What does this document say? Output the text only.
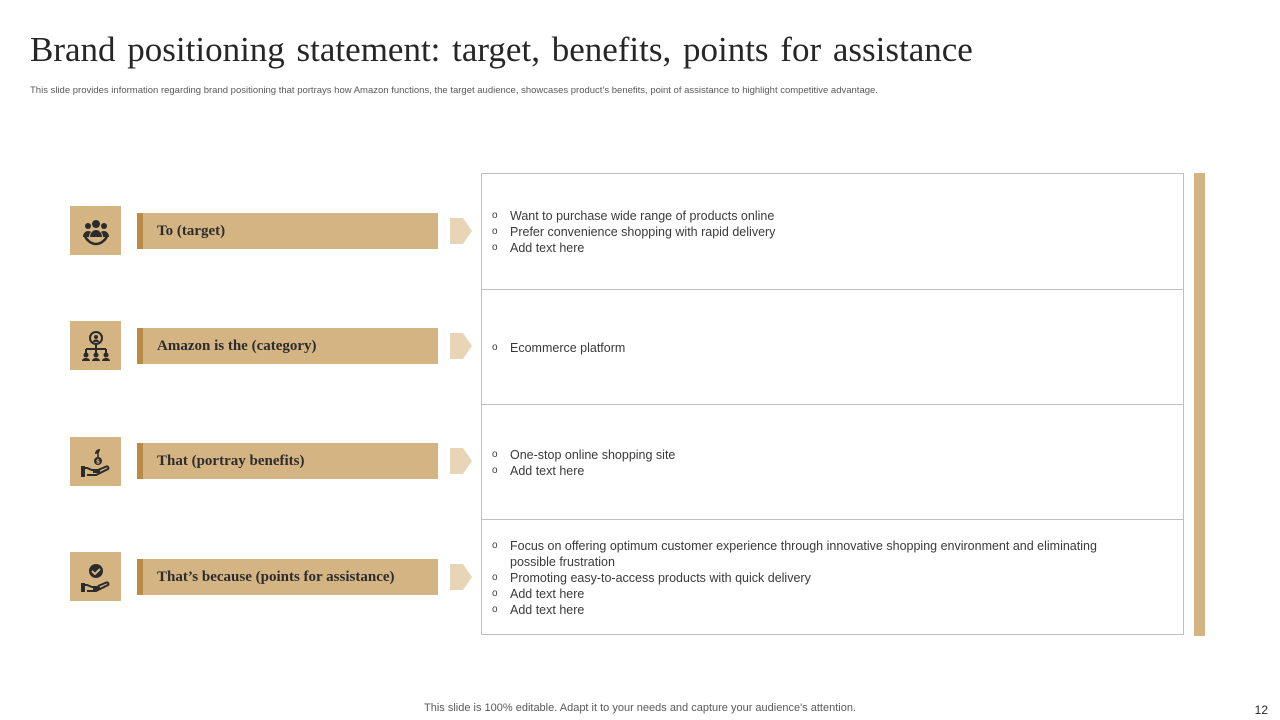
Brand positioning statement: target, benefits, points for assistance
This slide provides information regarding brand positioning that portrays how Amazon functions, the target audience, showcases product’s benefits, point of assistance to highlight competitive advantage.
To (target)
Amazon is the (category)
$	That (portray benefits)
That’s because (points for assistance)
o Want to purchase wide range of products online
o Prefer convenience shopping with rapid delivery
o Add text here
o Ecommerce platform
o One-stop online shopping site
o Add text here
o Focus on offering optimum customer experience through innovative shopping environment and eliminating possible frustration
o Promoting easy-to-access products with quick delivery
o Add text here
o Add text here
This slide is 100% editable. Adapt it to your needs and capture your audience's attention.	12
